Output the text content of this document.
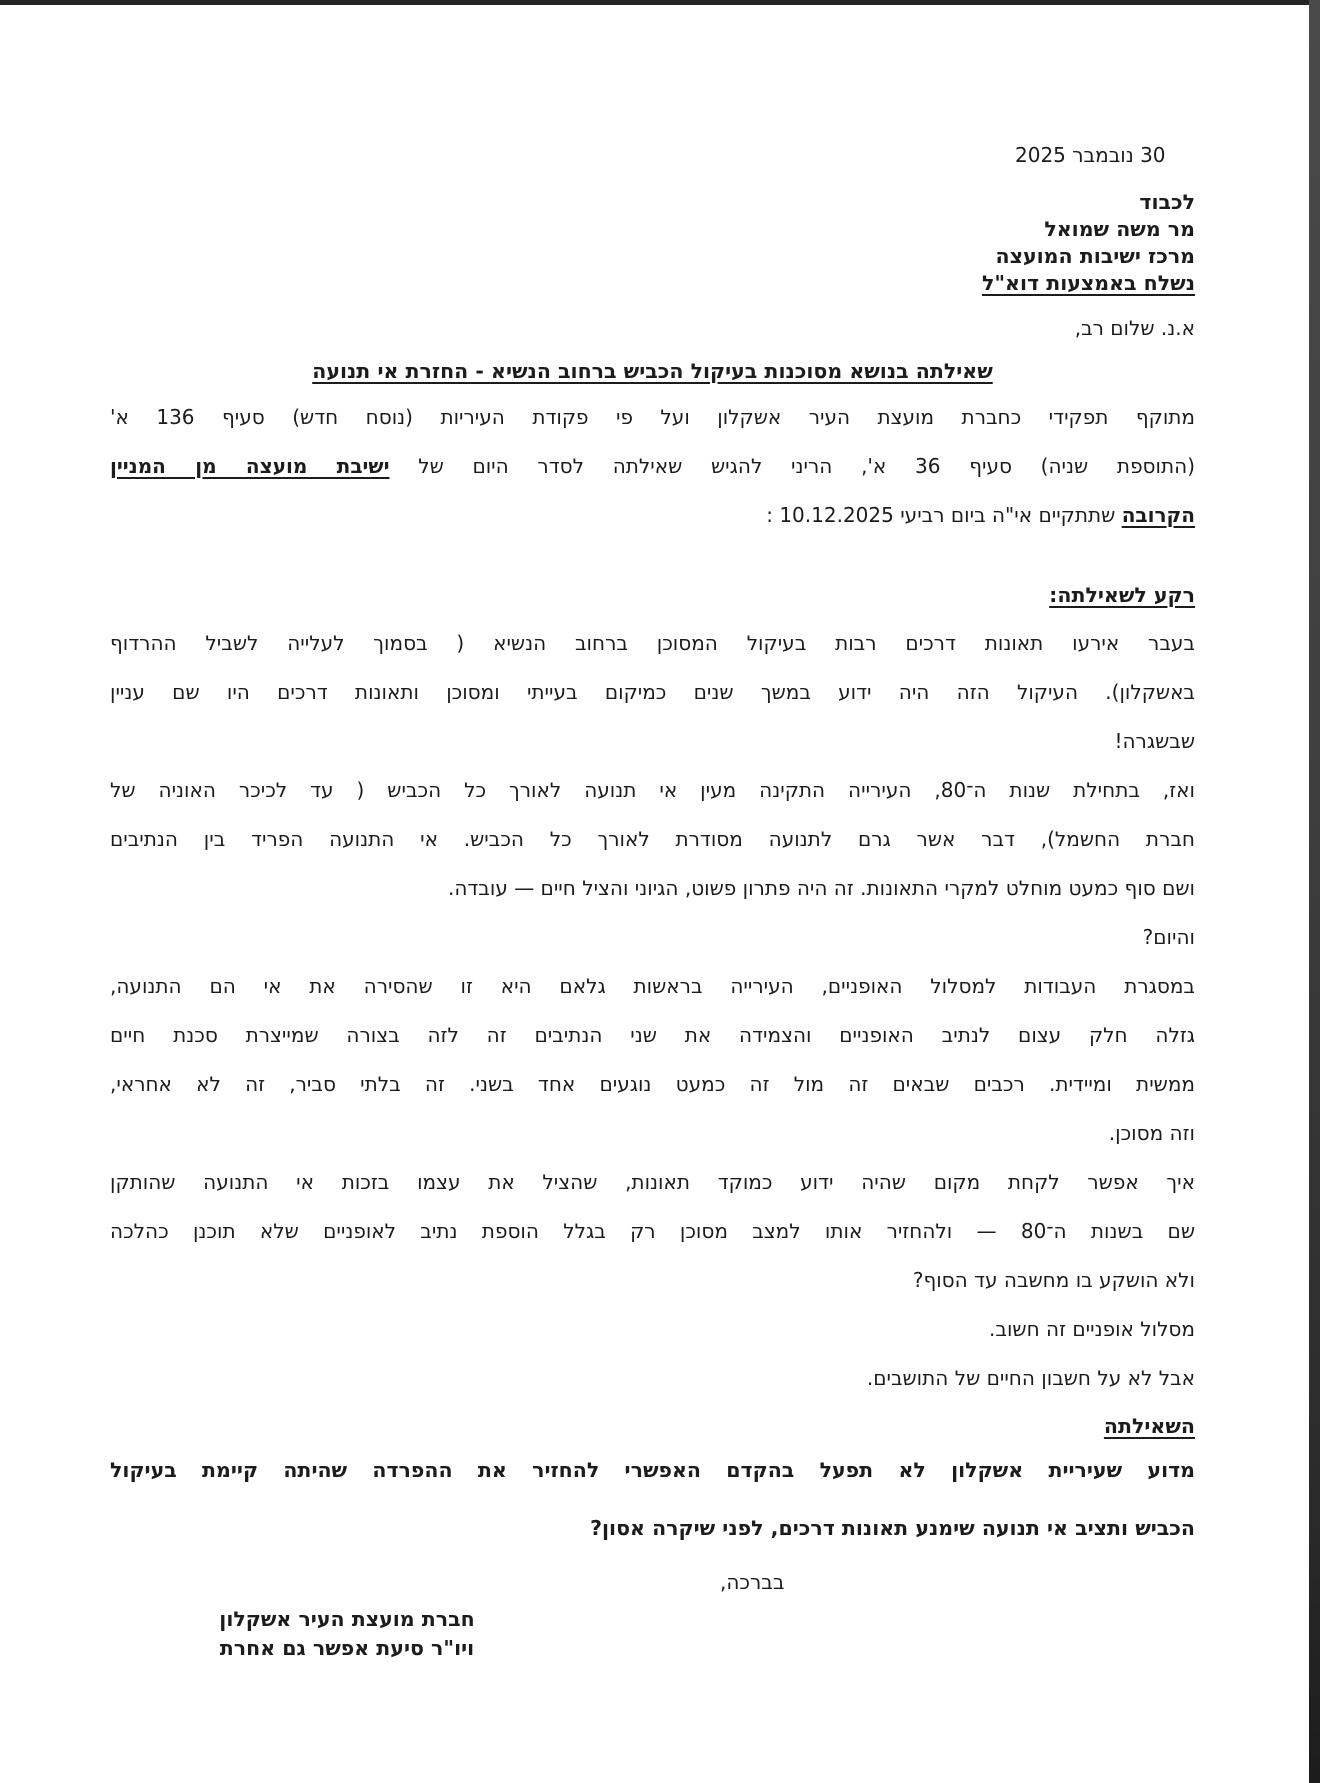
30 נובמבר 2025
לכבוד
מר משה שמואל
מרכז ישיבות המועצה
נשלח באמצעות דוא"ל
א.נ. שלום רב,
שאילתה בנושא מסוכנות בעיקול הכביש ברחוב הנשיא - החזרת אי תנועה
מתוקף תפקידי כחברת מועצת העיר אשקלון ועל פי פקודת העיריות (נוסח חדש) סעיף 136 א'
(התוספת שניה) סעיף 36 א', הריני להגיש שאילתה לסדר היום של ישיבת מועצה מן המניין
הקרובה שתתקיים אי"ה ביום רביעי 10.12.2025 :
רקע לשאילתה:
בעבר אירעו תאונות דרכים רבות בעיקול המסוכן ברחוב הנשיא ( בסמוך לעלייה לשביל ההרדוף
באשקלון). העיקול הזה היה ידוע במשך שנים כמיקום בעייתי ומסוכן ותאונות דרכים היו שם עניין
שבשגרה!
ואז, בתחילת שנות ה־80, העירייה התקינה מעין אי תנועה לאורך כל הכביש ( עד לכיכר האוניה של
חברת החשמל), דבר אשר גרם לתנועה מסודרת לאורך כל הכביש. אי התנועה הפריד בין הנתיבים
ושם סוף כמעט מוחלט למקרי התאונות. זה היה פתרון פשוט, הגיוני והציל חיים — עובדה.
והיום?
במסגרת העבודות למסלול האופניים, העירייה בראשות גלאם היא זו שהסירה את אי הם התנועה,
גזלה חלק עצום לנתיב האופניים והצמידה את שני הנתיבים זה לזה בצורה שמייצרת סכנת חיים
ממשית ומיידית. רכבים שבאים זה מול זה כמעט נוגעים אחד בשני. זה בלתי סביר, זה לא אחראי,
וזה מסוכן.
איך אפשר לקחת מקום שהיה ידוע כמוקד תאונות, שהציל את עצמו בזכות אי התנועה שהותקן
שם בשנות ה־80 — ולהחזיר אותו למצב מסוכן רק בגלל הוספת נתיב לאופניים שלא תוכנן כהלכה
ולא הושקע בו מחשבה עד הסוף?
מסלול אופניים זה חשוב.
אבל לא על חשבון החיים של התושבים.
השאילתה
מדוע שעיריית אשקלון לא תפעל בהקדם האפשרי להחזיר את ההפרדה שהיתה קיימת בעיקול
הכביש ותציב אי תנועה שימנע תאונות דרכים, לפני שיקרה אסון?
בברכה,
חברת מועצת העיר אשקלון
ויו"ר סיעת אפשר גם אחרת
